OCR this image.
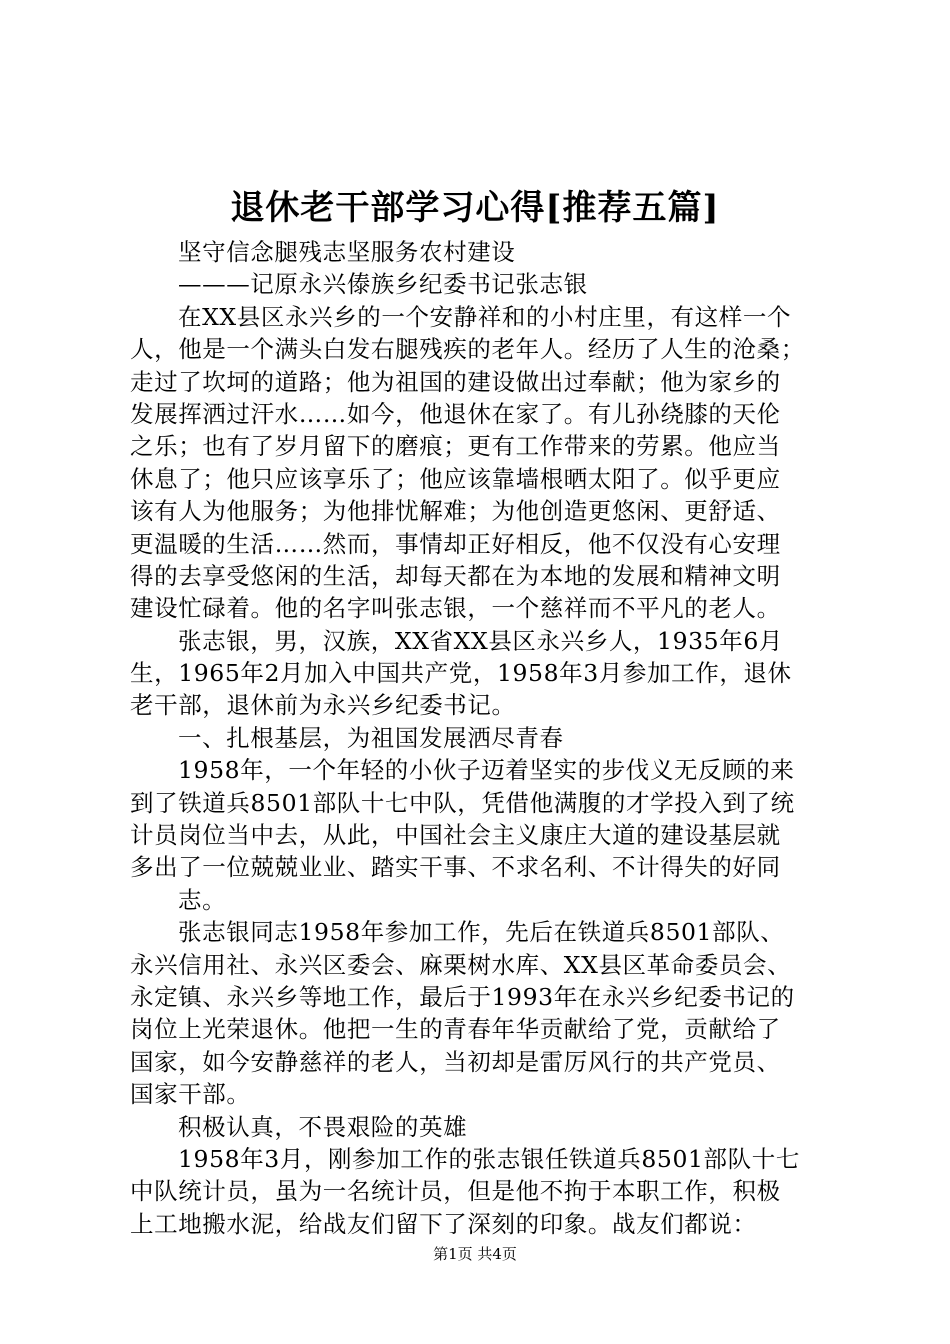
退休老干部学习心得[推荐五篇]
坚守信念腿残志坚服务农村建设
———记原永兴傣族乡纪委书记张志银
在XX县区永兴乡的一个安静祥和的小村庄里，有这样一个
人，他是一个满头白发右腿残疾的老年人。经历了人生的沧桑；
走过了坎坷的道路；他为祖国的建设做出过奉献；他为家乡的
发展挥洒过汗水……如今，他退休在家了。有儿孙绕膝的天伦
之乐；也有了岁月留下的磨痕；更有工作带来的劳累。他应当
休息了；他只应该享乐了；他应该靠墙根晒太阳了。似乎更应
该有人为他服务；为他排忧解难；为他创造更悠闲、更舒适、
更温暖的生活……然而，事情却正好相反，他不仅没有心安理
得的去享受悠闲的生活，却每天都在为本地的发展和精神文明
建设忙碌着。他的名字叫张志银，一个慈祥而不平凡的老人。
张志银，男，汉族，XX省XX县区永兴乡人，1935年6月
生，1965年2月加入中国共产党，1958年3月参加工作，退休
老干部，退休前为永兴乡纪委书记。
一、扎根基层，为祖国发展洒尽青春
1958年，一个年轻的小伙子迈着坚实的步伐义无反顾的来
到了铁道兵8501部队十七中队，凭借他满腹的才学投入到了统
计员岗位当中去，从此，中国社会主义康庄大道的建设基层就
多出了一位兢兢业业、踏实干事、不求名利、不计得失的好同
志。
张志银同志1958年参加工作，先后在铁道兵8501部队、
永兴信用社、永兴区委会、麻栗树水库、XX县区革命委员会、
永定镇、永兴乡等地工作，最后于1993年在永兴乡纪委书记的
岗位上光荣退休。他把一生的青春年华贡献给了党，贡献给了
国家，如今安静慈祥的老人，当初却是雷厉风行的共产党员、
国家干部。
积极认真，不畏艰险的英雄
1958年3月，刚参加工作的张志银任铁道兵8501部队十七
中队统计员，虽为一名统计员，但是他不拘于本职工作，积极
上工地搬水泥，给战友们留下了深刻的印象。战友们都说：
第1页 共4页
